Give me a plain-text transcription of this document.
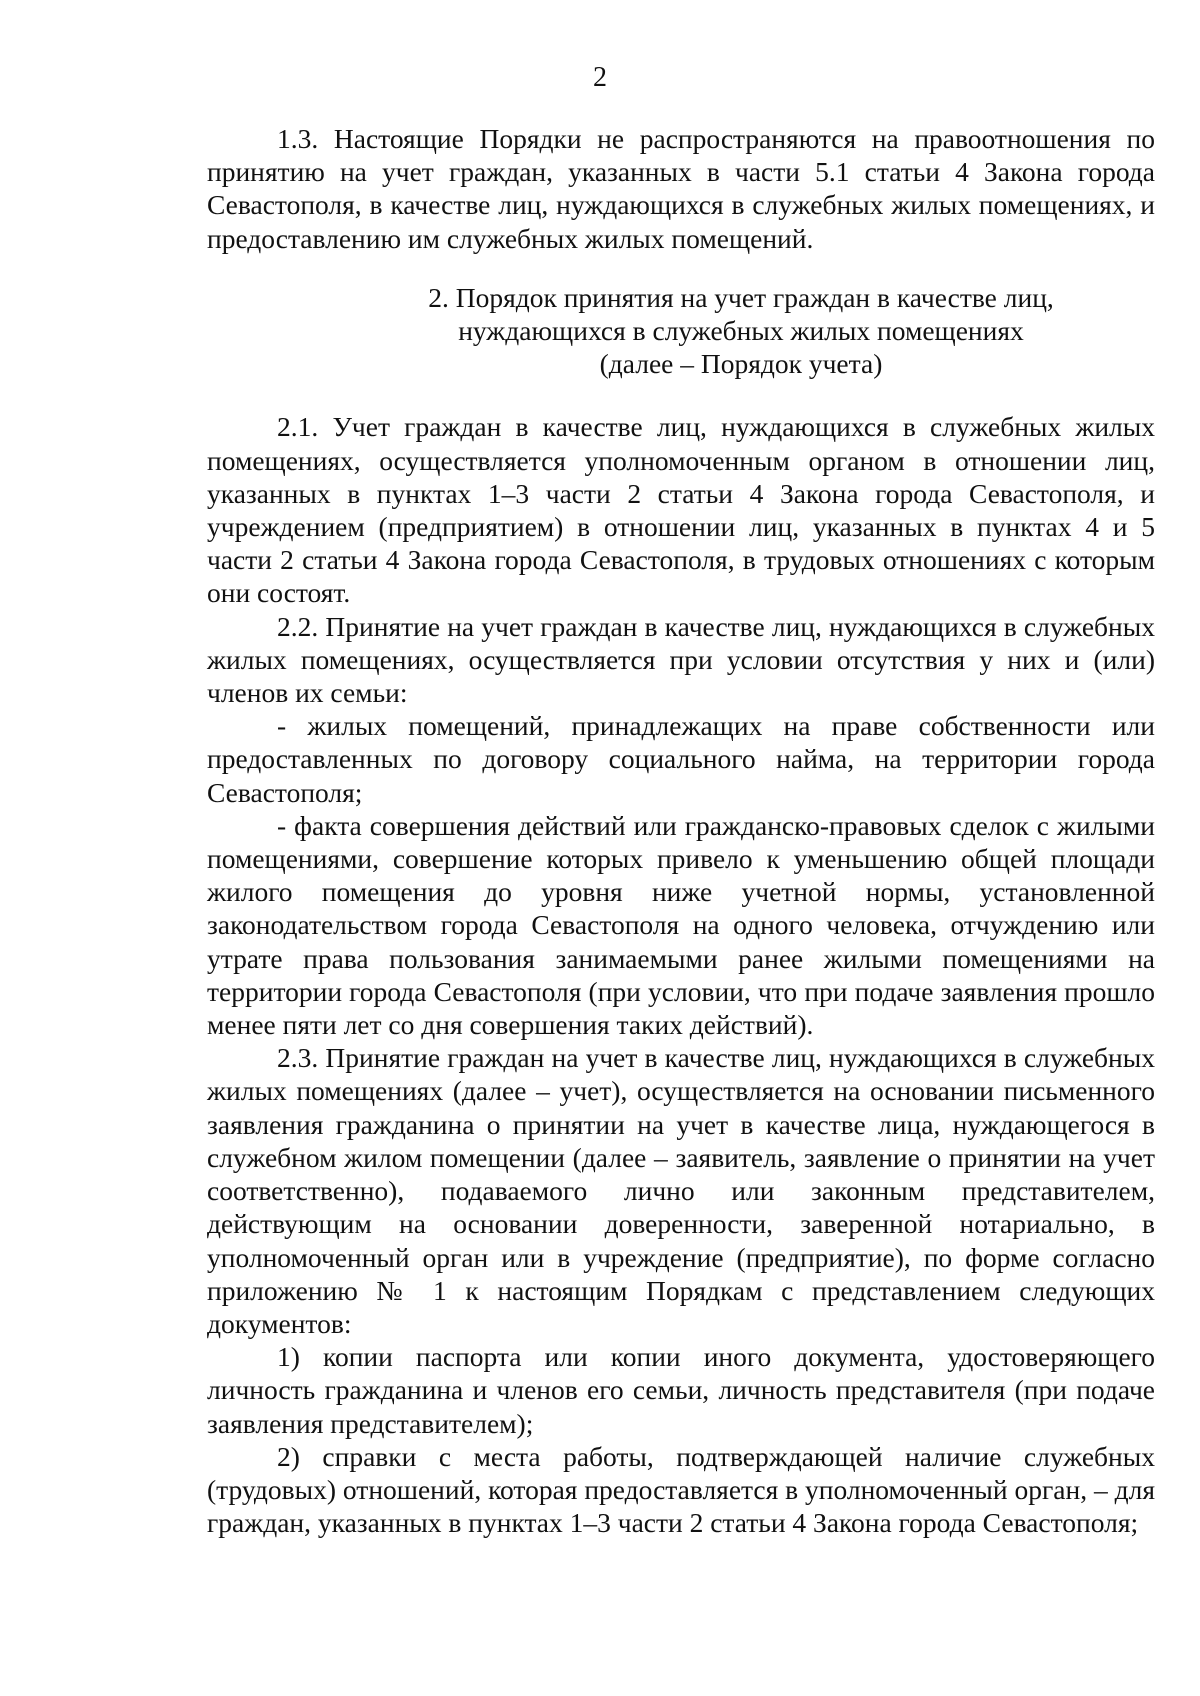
2

1.3. Настоящие Порядки не распространяются на правоотношения по принятию на учет граждан, указанных в части 5.1 статьи 4 Закона города Севастополя, в качестве лиц, нуждающихся в служебных жилых помещениях, и предоставлению им служебных жилых помещений.

2. Порядок принятия на учет граждан в качестве лиц,
нуждающихся в служебных жилых помещениях
(далее – Порядок учета)

2.1. Учет граждан в качестве лиц, нуждающихся в служебных жилых помещениях, осуществляется уполномоченным органом в отношении лиц, указанных в пунктах 1–3 части 2 статьи 4 Закона города Севастополя, и учреждением (предприятием) в отношении лиц, указанных в пунктах 4 и 5 части 2 статьи 4 Закона города Севастополя, в трудовых отношениях с которым они состоят.

2.2. Принятие на учет граждан в качестве лиц, нуждающихся в служебных жилых помещениях, осуществляется при условии отсутствия у них и (или) членов их семьи:

- жилых помещений, принадлежащих на праве собственности или предоставленных по договору социального найма, на территории города Севастополя;

- факта совершения действий или гражданско-правовых сделок с жилыми помещениями, совершение которых привело к уменьшению общей площади жилого помещения до уровня ниже учетной нормы, установленной законодательством города Севастополя на одного человека, отчуждению или утрате права пользования занимаемыми ранее жилыми помещениями на территории города Севастополя (при условии, что при подаче заявления прошло менее пяти лет со дня совершения таких действий).

2.3. Принятие граждан на учет в качестве лиц, нуждающихся в служебных жилых помещениях (далее – учет), осуществляется на основании письменного заявления гражданина о принятии на учет в качестве лица, нуждающегося в служебном жилом помещении (далее – заявитель, заявление о принятии на учет соответственно), подаваемого лично или законным представителем, действующим на основании доверенности, заверенной нотариально, в уполномоченный орган или в учреждение (предприятие), по форме согласно приложению № 1 к настоящим Порядкам с представлением следующих документов:

1) копии паспорта или копии иного документа, удостоверяющего личность гражданина и членов его семьи, личность представителя (при подаче заявления представителем);

2) справки с места работы, подтверждающей наличие служебных (трудовых) отношений, которая предоставляется в уполномоченный орган, – для граждан, указанных в пунктах 1–3 части 2 статьи 4 Закона города Севастополя;
